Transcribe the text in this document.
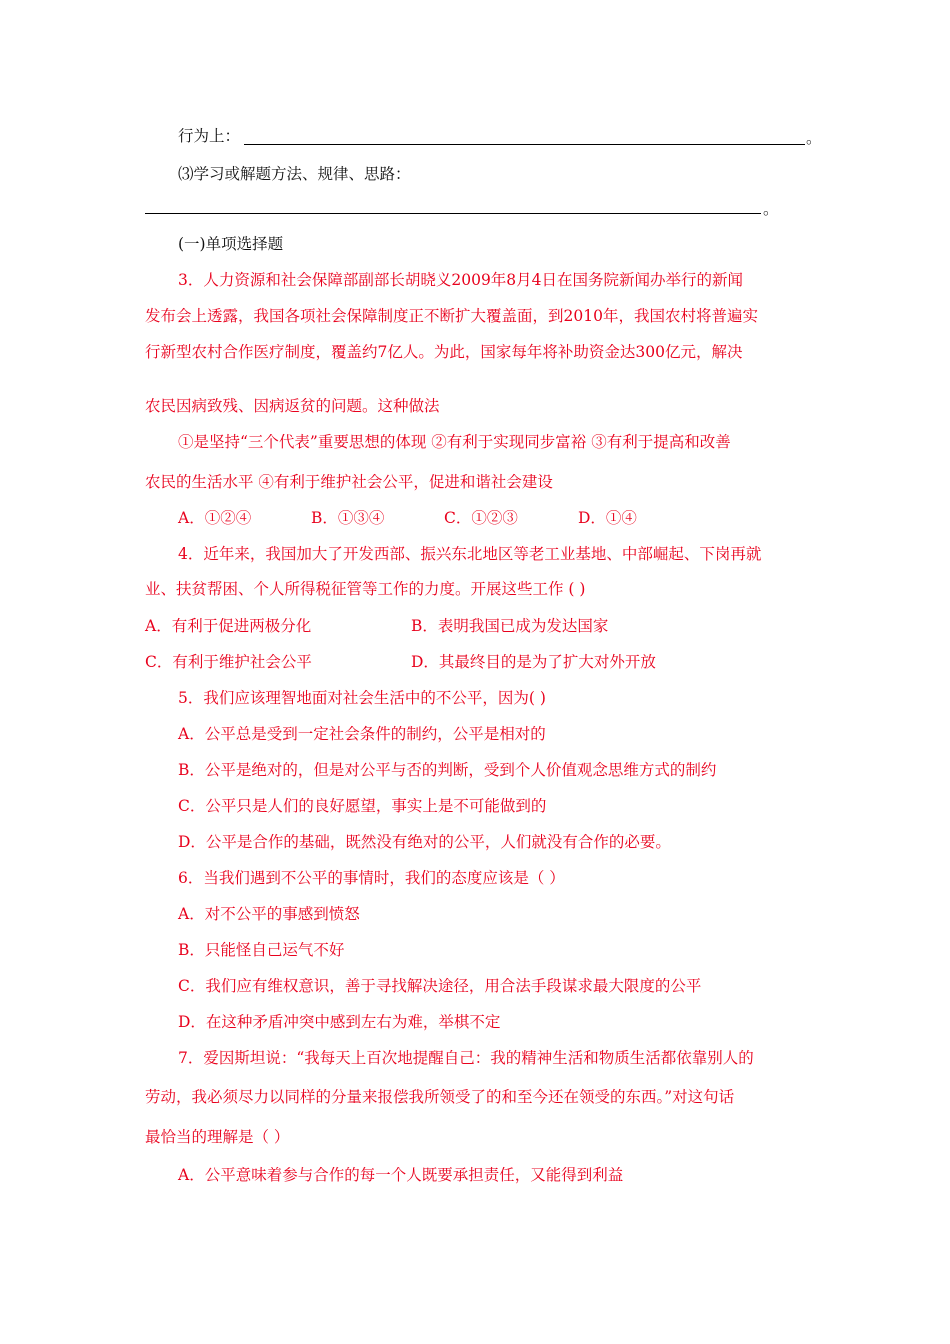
行为上：	。
⑶学习或解题方法、规律、思路：
。
(一)单项选择题
3．人力资源和社会保障部副部长胡晓义2009年8月4日在国务院新闻办举行的新闻
发布会上透露，我国各项社会保障制度正不断扩大覆盖面，到2010年，我国农村将普遍实
行新型农村合作医疗制度，覆盖约7亿人。为此，国家每年将补助资金达300亿元，解决
农民因病致残、因病返贫的问题。这种做法
①是坚持“三个代表”重要思想的体现 ②有利于实现同步富裕 ③有利于提高和改善
农民的生活水平 ④有利于维护社会公平，促进和谐社会建设
A．①②④	B．①③④	C．①②③	D．①④
4．近年来，我国加大了开发西部、振兴东北地区等老工业基地、中部崛起、下岗再就
业、扶贫帮困、个人所得税征管等工作的力度。开展这些工作 ( )
A．有利于促进两极分化	B．表明我国已成为发达国家
C．有利于维护社会公平	D．其最终目的是为了扩大对外开放
5．我们应该理智地面对社会生活中的不公平，因为( )
A．公平总是受到一定社会条件的制约，公平是相对的
B．公平是绝对的，但是对公平与否的判断，受到个人价值观念思维方式的制约
C．公平只是人们的良好愿望，事实上是不可能做到的
D．公平是合作的基础，既然没有绝对的公平，人们就没有合作的必要。
6．当我们遇到不公平的事情时，我们的态度应该是（ ）
A．对不公平的事感到愤怒
B．只能怪自己运气不好
C．我们应有维权意识，善于寻找解决途径，用合法手段谋求最大限度的公平
D．在这种矛盾冲突中感到左右为难，举棋不定
7．爱因斯坦说：“我每天上百次地提醒自己：我的精神生活和物质生活都依靠别人的
劳动，我必须尽力以同样的分量来报偿我所领受了的和至今还在领受的东西。”对这句话
最恰当的理解是（ ）
A．公平意味着参与合作的每一个人既要承担责任，又能得到利益
